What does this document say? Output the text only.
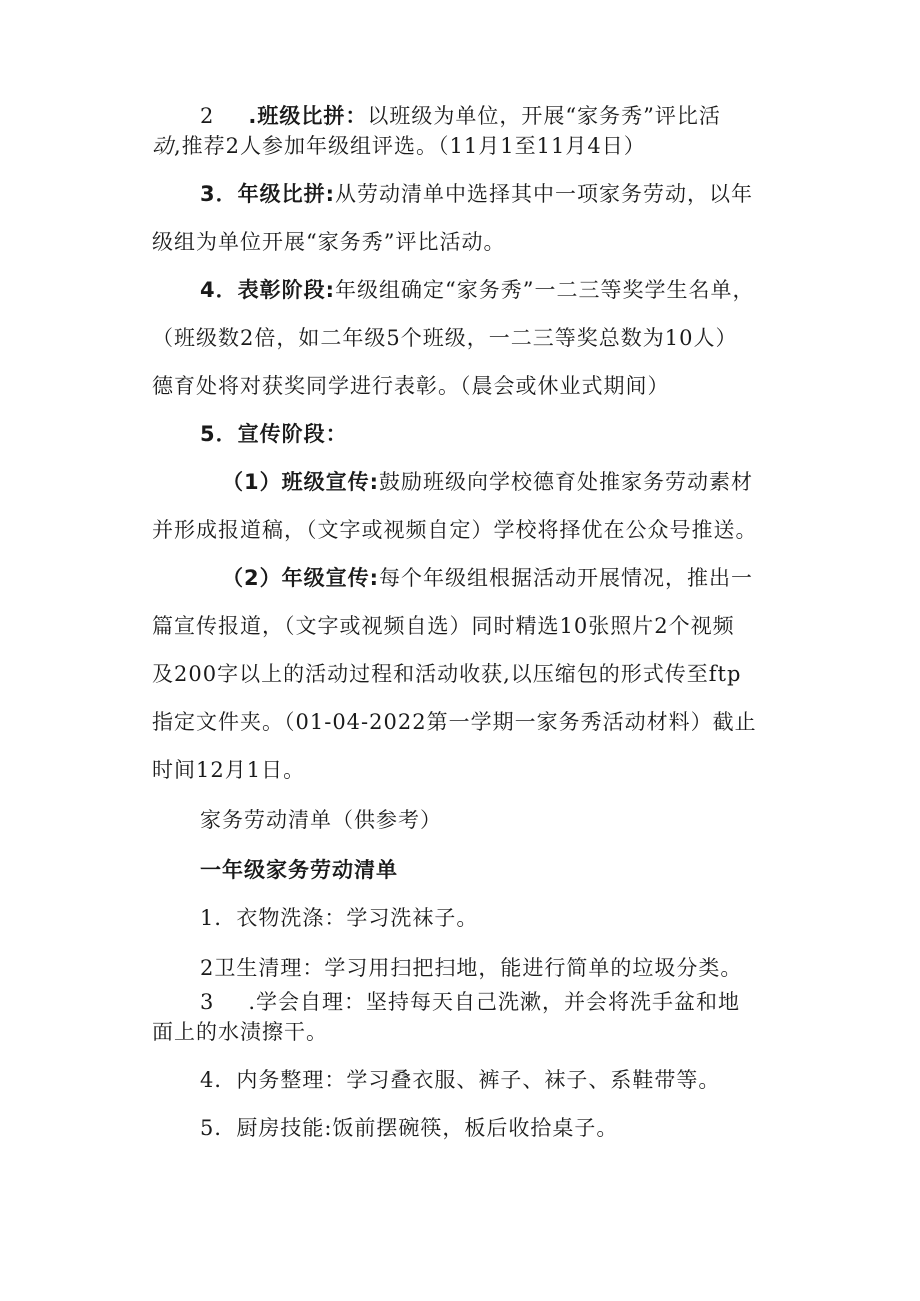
2 .班级比拼：以班级为单位，开展“家务秀”评比活
动,推荐2人参加年级组评选。（11月1至11月4日）
3．年级比拼:从劳动清单中选择其中一项家务劳动，以年
级组为单位开展“家务秀”评比活动。
4．表彰阶段:年级组确定“家务秀”一二三等奖学生名单，
（班级数2倍，如二年级5个班级，一二三等奖总数为10人）
德育处将对获奖同学进行表彰。（晨会或休业式期间）
5．宣传阶段：
（1）班级宣传:鼓励班级向学校德育处推家务劳动素材
并形成报道稿，（文字或视频自定）学校将择优在公众号推送。
（2）年级宣传:每个年级组根据活动开展情况，推出一
篇宣传报道，（文字或视频自选）同时精选10张照片2个视频
及200字以上的活动过程和活动收获,以压缩包的形式传至ftp
指定文件夹。（01-04-2022第一学期一家务秀活动材料）截止
时间12月1日。
家务劳动清单（供参考）
一年级家务劳动清单
1．衣物洗涤：学习洗袜子。
2卫生清理：学习用扫把扫地，能进行简单的垃圾分类。
3 .学会自理：坚持每天自己洗漱，并会将洗手盆和地
面上的水渍擦干。
4．内务整理：学习叠衣服、裤子、袜子、系鞋带等。
5．厨房技能:饭前摆碗筷，板后收拾桌子。
